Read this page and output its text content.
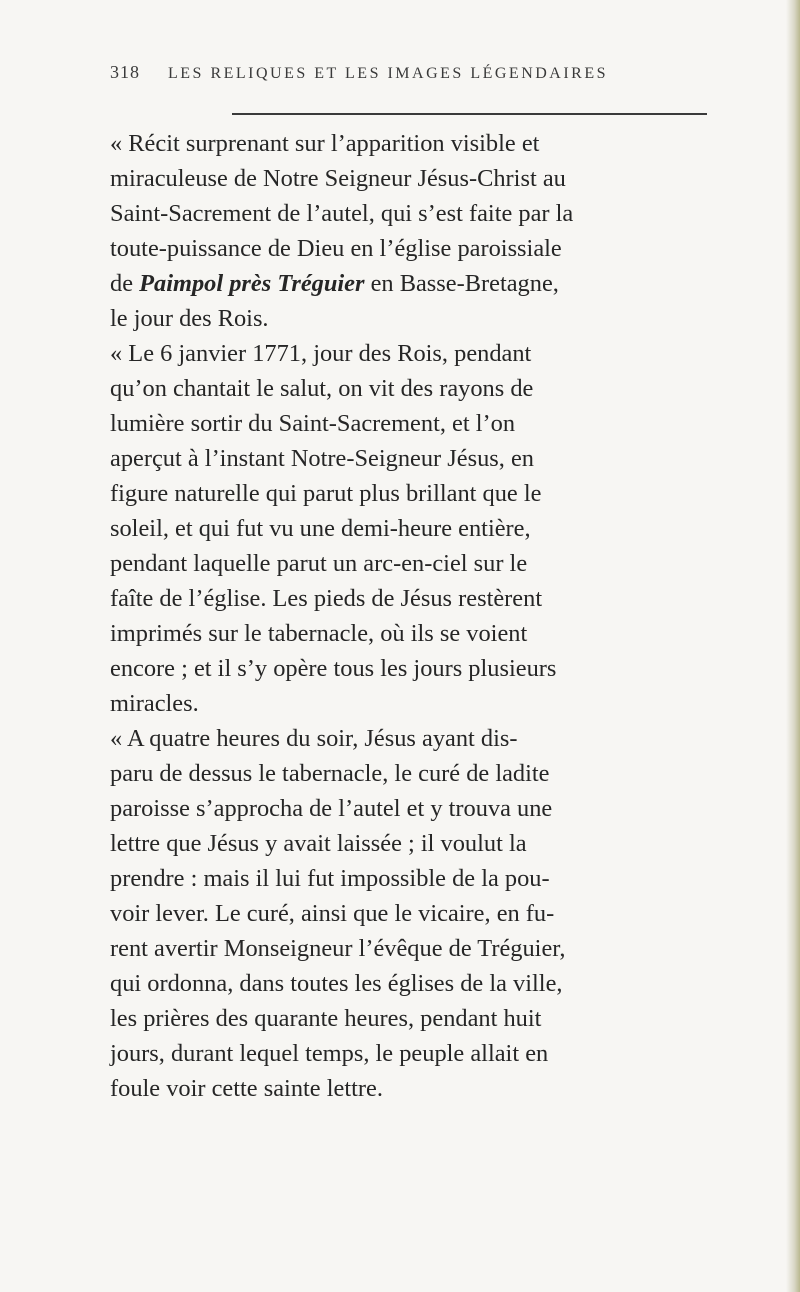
318 LES RELIQUES ET LES IMAGES LÉGENDAIRES

« Récit surprenant sur l’apparition visible et
miraculeuse de Notre Seigneur Jésus-Christ au
Saint-Sacrement de l’autel, qui s’est faite par la
toute-puissance de Dieu en l’église paroissiale
de Paimpol près Tréguier en Basse-Bretagne,
le jour des Rois.

« Le 6 janvier 1771, jour des Rois, pendant
qu’on chantait le salut, on vit des rayons de
lumière sortir du Saint-Sacrement, et l’on
aperçut à l’instant Notre-Seigneur Jésus, en
figure naturelle qui parut plus brillant que le
soleil, et qui fut vu une demi-heure entière,
pendant laquelle parut un arc-en-ciel sur le
faîte de l’église. Les pieds de Jésus restèrent
imprimés sur le tabernacle, où ils se voient
encore ; et il s’y opère tous les jours plusieurs
miracles.

« A quatre heures du soir, Jésus ayant dis-
paru de dessus le tabernacle, le curé de ladite
paroisse s’approcha de l’autel et y trouva une
lettre que Jésus y avait laissée ; il voulut la
prendre : mais il lui fut impossible de la pou-
voir lever. Le curé, ainsi que le vicaire, en fu-
rent avertir Monseigneur l’évêque de Tréguier,
qui ordonna, dans toutes les églises de la ville,
les prières des quarante heures, pendant huit
jours, durant lequel temps, le peuple allait en
foule voir cette sainte lettre.
